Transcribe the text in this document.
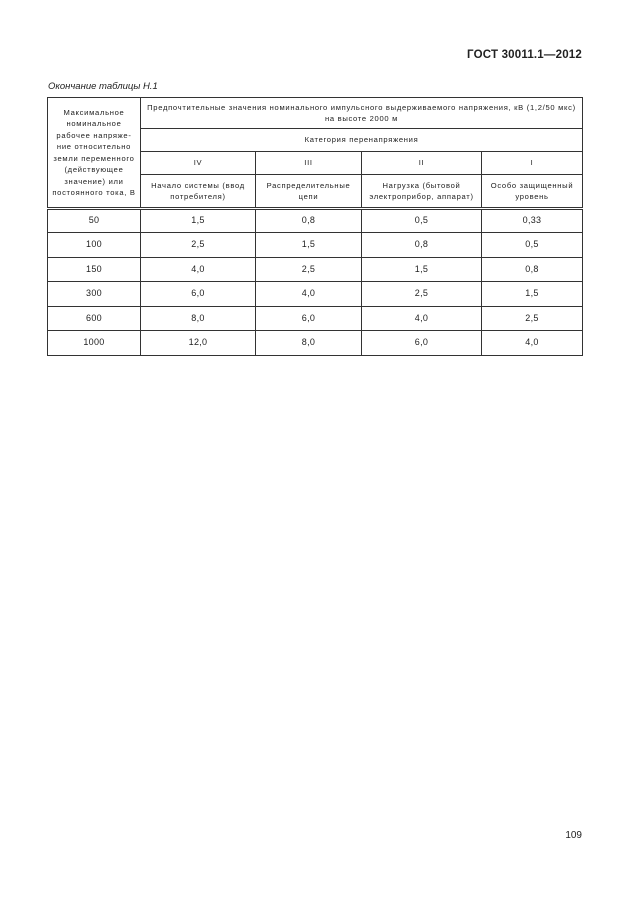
ГОСТ 30011.1—2012
Окончание таблицы Н.1
Максимальное номинальное рабочее напряже-ние относительно земли переменного (действующее значение) или постоянного тока, В	Предпочтительные значения номинального импульсного выдерживаемого напряжения, кВ (1,2/50 мкс) на высоте 2000 м			
	Категория перенапряжения			
	IV	III	II	I
	Начало системы (ввод потребителя)	Распределительные цепи	Нагрузка (бытовой электроприбор, аппарат)	Особо защищенный уровень
50	1,5	0,8	0,5	0,33
100	2,5	1,5	0,8	0,5
150	4,0	2,5	1,5	0,8
300	6,0	4,0	2,5	1,5
600	8,0	6,0	4,0	2,5
1000	12,0	8,0	6,0	4,0
109
